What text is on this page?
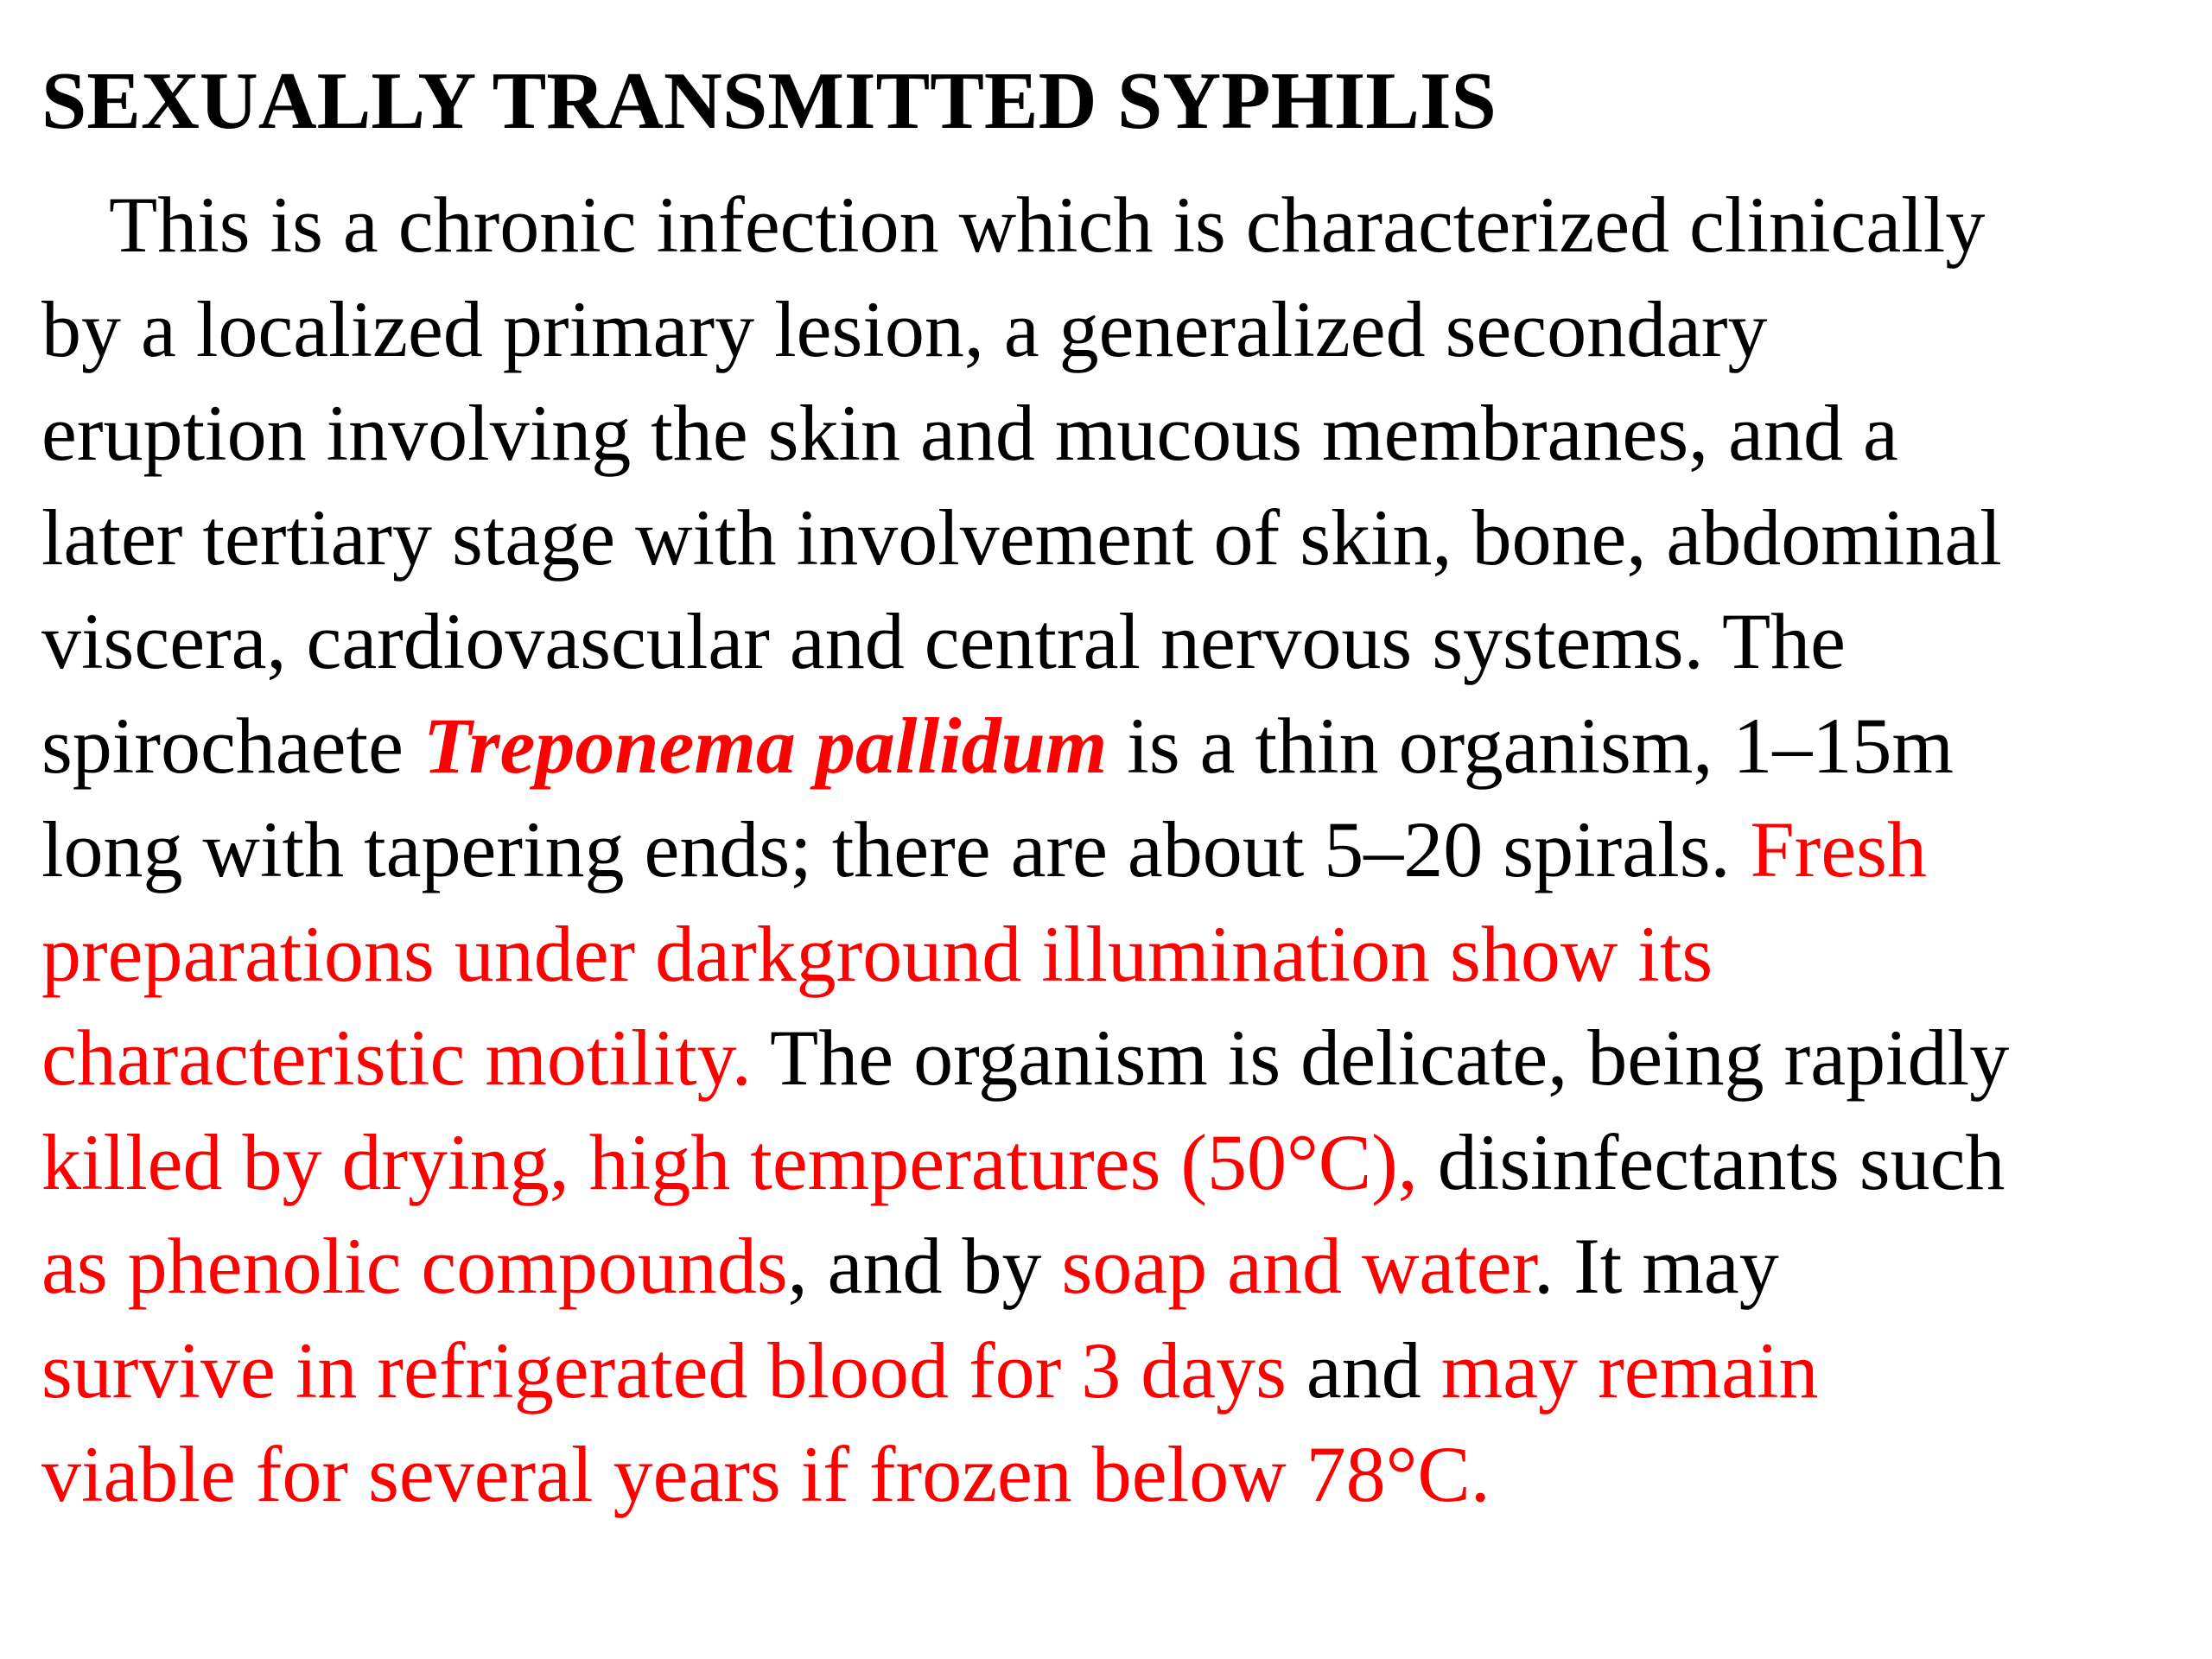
SEXUALLY TRANSMITTED SYPHILIS

This is a chronic infection which is characterized clinically
by a localized primary lesion, a generalized secondary
eruption involving the skin and mucous membranes, and a
later tertiary stage with involvement of skin, bone, abdominal
viscera, cardiovascular and central nervous systems. The
spirochaete Treponema pallidum is a thin organism, 1–15m
long with tapering ends; there are about 5–20 spirals. Fresh
preparations under darkground illumination show its
characteristic motility. The organism is delicate, being rapidly
killed by drying, high temperatures (50°C), disinfectants such
as phenolic compounds, and by soap and water. It may
survive in refrigerated blood for 3 days and may remain
viable for several years if frozen below 78°C.
